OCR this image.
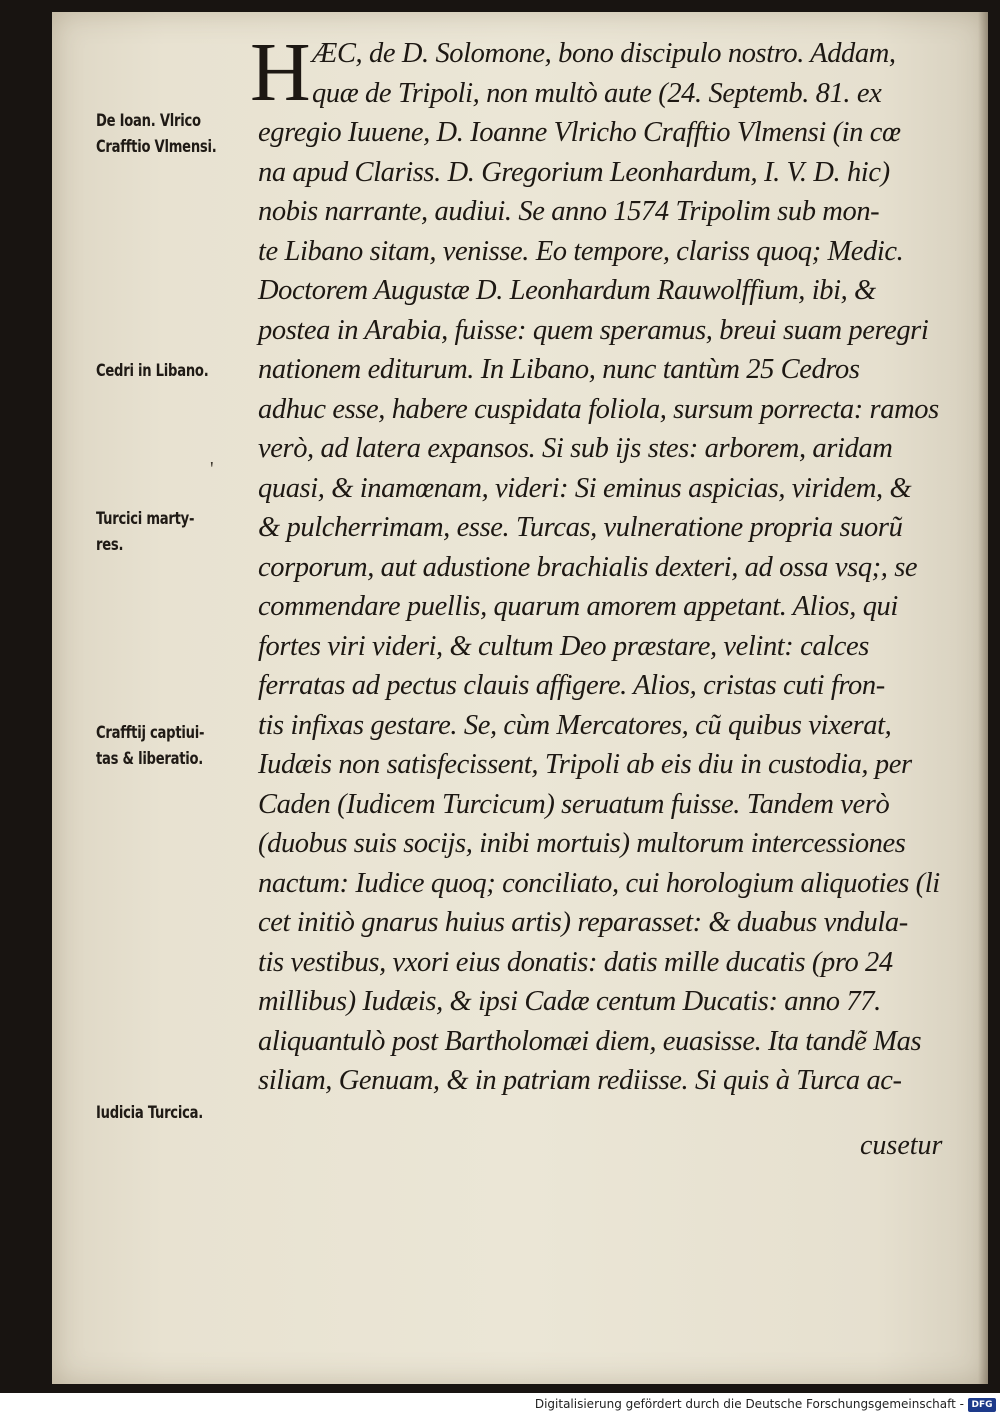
'
De Ioan. Vlrico
Crafftio Vlmensi.
Cedri in Libano.
Turcici marty-
res.
Crafftij captiui-
tas & liberatio.
Iudicia Turcica.
H ÆC, de D. Solomone, bono discipulo nostro. Addam,
quæ de Tripoli, non multò aute (24. Septemb. 81. ex
egregio Iuuene, D. Ioanne Vlricho Crafftio Vlmensi (in cœ
na apud Clariss. D. Gregorium Leonhardum, I. V. D. hic)
nobis narrante, audiui. Se anno 1574 Tripolim sub mon-
te Libano sitam, venisse. Eo tempore, clariss quoq; Medic.
Doctorem Augustæ D. Leonhardum Rauwolffium, ibi, &
postea in Arabia, fuisse: quem speramus, breui suam peregri
nationem editurum. In Libano, nunc tantùm 25 Cedros
adhuc esse, habere cuspidata foliola, sursum porrecta: ramos
verò, ad latera expansos. Si sub ijs stes: arborem, aridam
quasi, & inamœnam, videri: Si eminus aspicias, viridem, &
& pulcherrimam, esse. Turcas, vulneratione propria suorũ
corporum, aut adustione brachialis dexteri, ad ossa vsq;, se
commendare puellis, quarum amorem appetant. Alios, qui
fortes viri videri, & cultum Deo præstare, velint: calces
ferratas ad pectus clauis affigere. Alios, cristas cuti fron-
tis infixas gestare. Se, cùm Mercatores, cũ quibus vixerat,
Iudæis non satisfecissent, Tripoli ab eis diu in custodia, per
Caden (Iudicem Turcicum) seruatum fuisse. Tandem verò
(duobus suis socijs, inibi mortuis) multorum intercessiones
nactum: Iudice quoq; conciliato, cui horologium aliquoties (li
cet initiò gnarus huius artis) reparasset: & duabus vndula-
tis vestibus, vxori eius donatis: datis mille ducatis (pro 24
millibus) Iudæis, & ipsi Cadæ centum Ducatis: anno 77.
aliquantulò post Bartholomæi diem, euasisse. Ita tandẽ Mas
siliam, Genuam, & in patriam rediisse. Si quis à Turca ac-
cusetur
Digitalisierung gefördert durch die Deutsche Forschungsgemeinschaft - DFG
